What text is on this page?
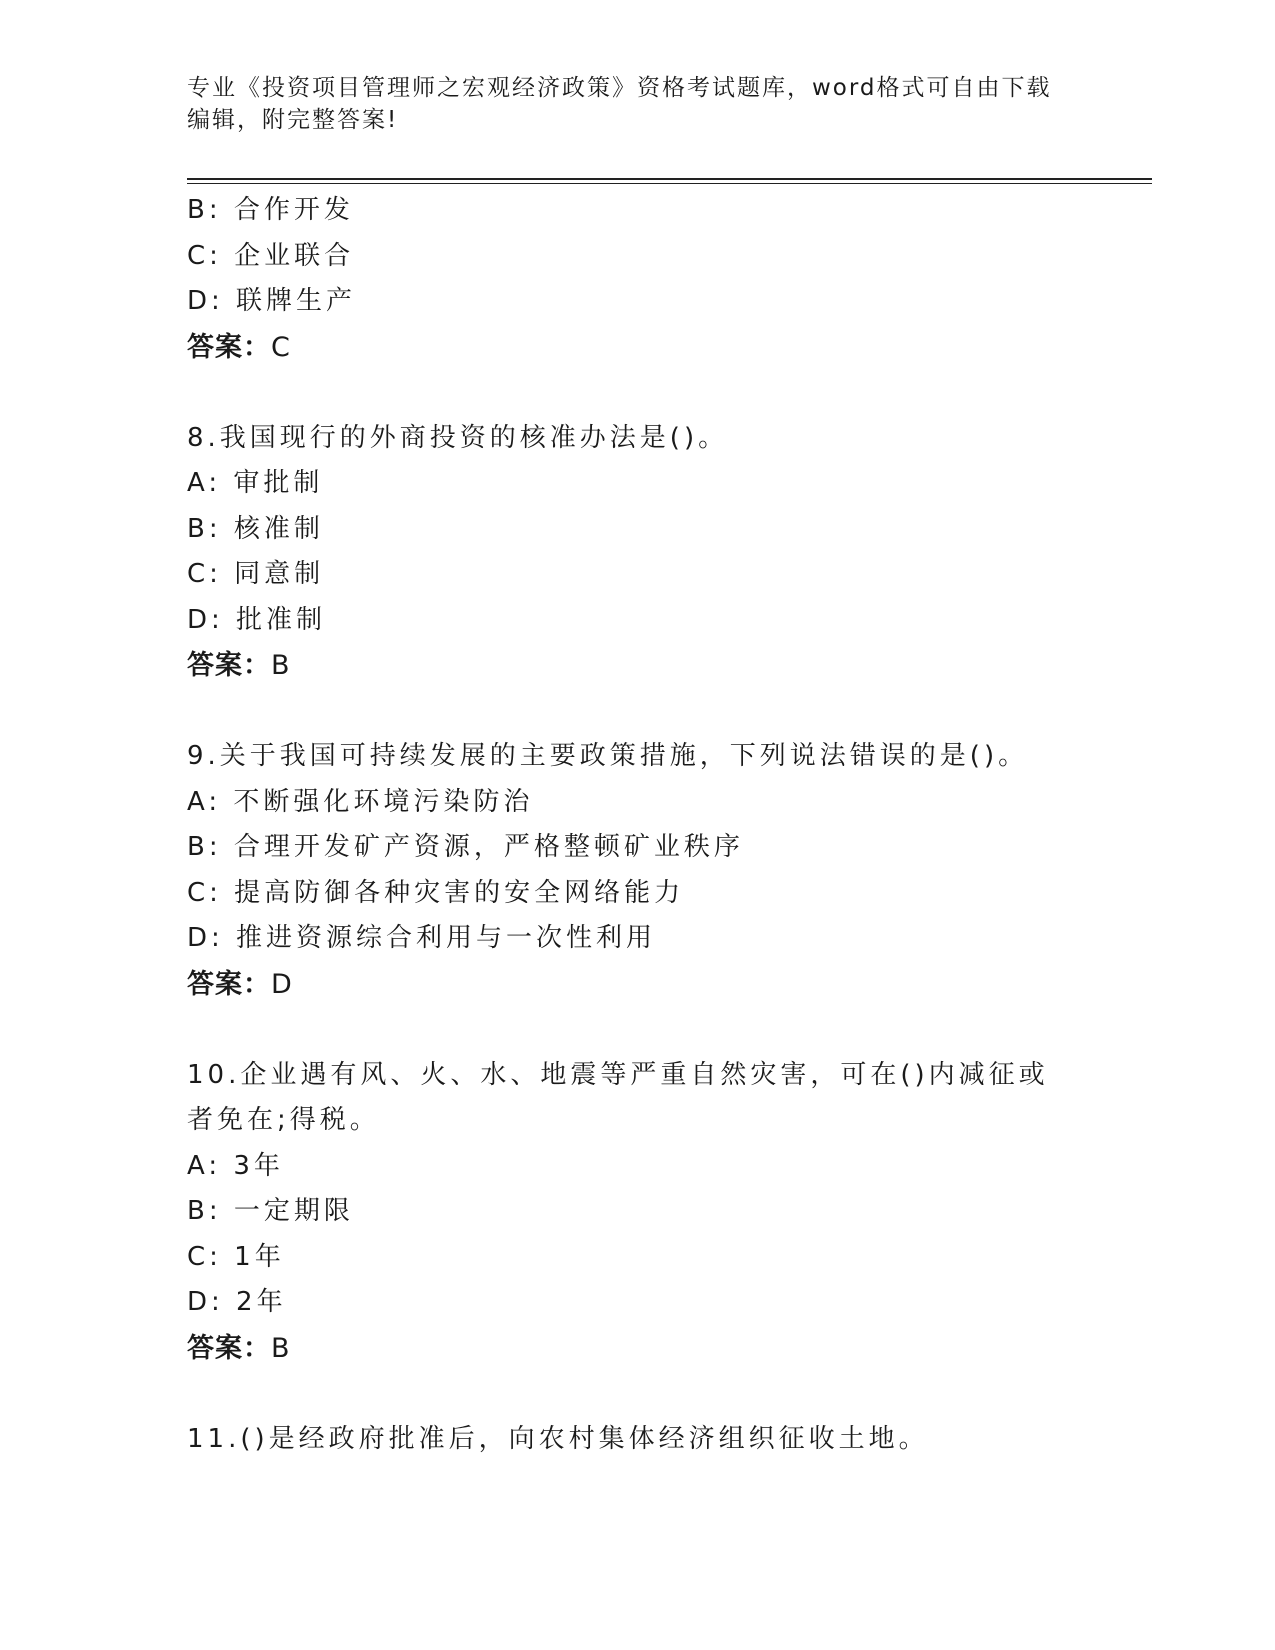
专业《投资项目管理师之宏观经济政策》资格考试题库，word格式可自由下载编辑，附完整答案!
B: 合作开发
C: 企业联合
D: 联牌生产
答案：C
8.我国现行的外商投资的核准办法是()。
A: 审批制
B: 核准制
C: 同意制
D: 批准制
答案：B
9.关于我国可持续发展的主要政策措施，下列说法错误的是()。
A: 不断强化环境污染防治
B: 合理开发矿产资源，严格整顿矿业秩序
C: 提高防御各种灾害的安全网络能力
D: 推进资源综合利用与一次性利用
答案：D
10.企业遇有风、火、水、地震等严重自然灾害，可在()内减征或者免在;得税。
A: 3年
B: 一定期限
C: 1年
D: 2年
答案：B
11.()是经政府批准后，向农村集体经济组织征收土地。
